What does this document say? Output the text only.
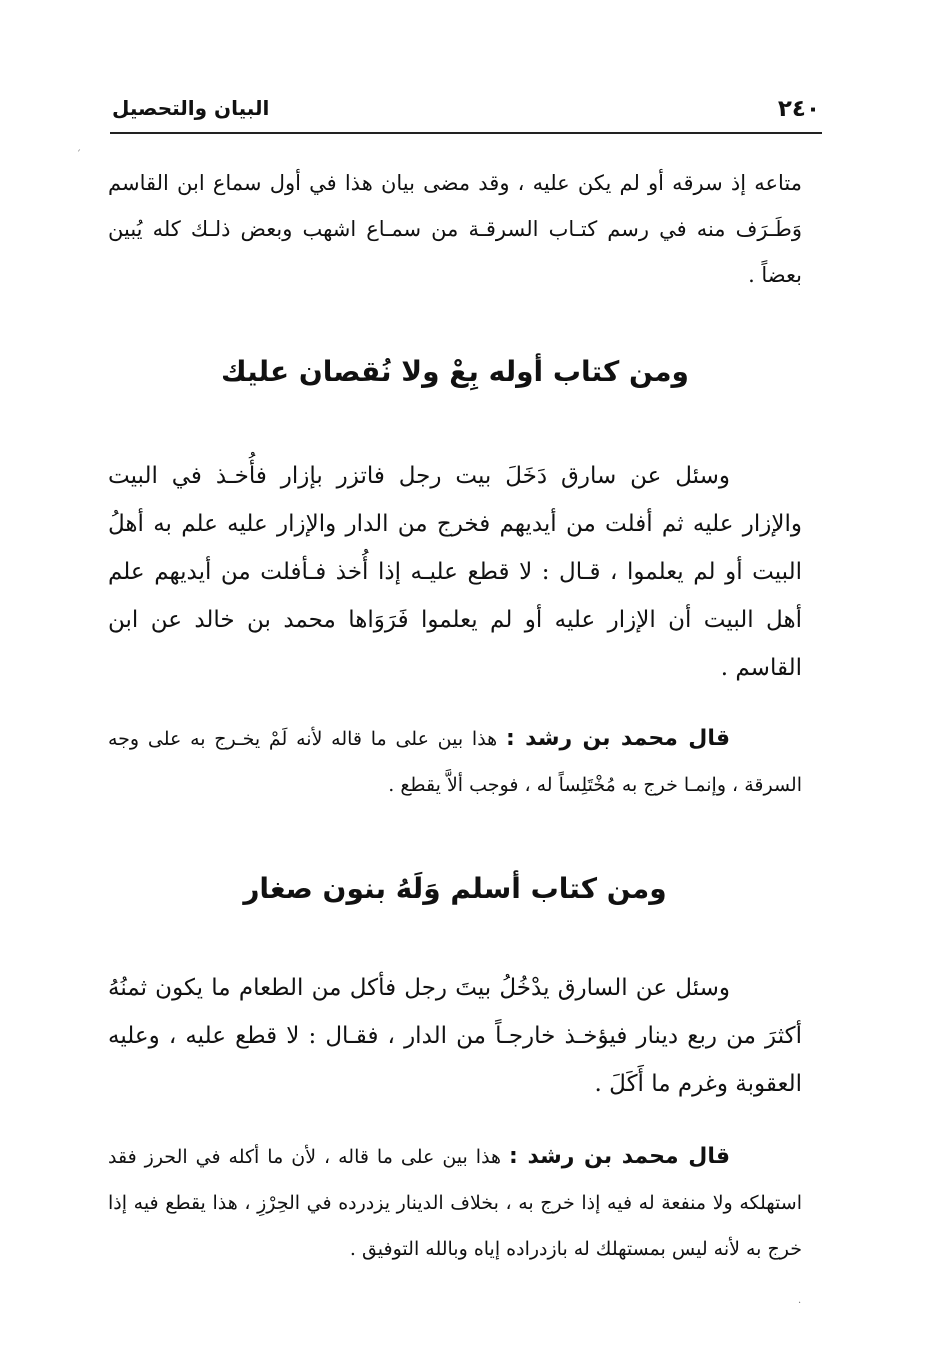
٢٤٠
البيان والتحصيل
´
·
متاعه إذ سرقه أو لم يكن عليه ، وقد مضى بيان هذا في أول سماع ابن القاسم وَطَـرَف منه في رسم كتـاب السرقـة من سمـاع اشهب وبعض ذلـك كله يُبين بعضاً .
ومن كتاب أوله بِعْ ولا نُقصان عليك
وسئل عن سارق دَخَلَ بيت رجل فاتزر بإزار فأُخـذ في البيت والإزار عليه ثم أفلت من أيديهم فخرج من الدار والإزار عليه علم به أهلُ البيت أو لم يعلموا ، قـال : لا قطع عليـه إذا أُخذ فـأفلت من أيديهم علم أهل البيت أن الإزار عليه أو لم يعلموا فَرَوَاها محمد بن خالد عن ابن القاسم .
قال محمد بن رشد : هذا بين على ما قاله لأنه لَمْ يخـرج به على وجه السرقة ، وإنمـا خرج به مُخْتَلِساً له ، فوجب ألاَّ يقطع .
ومن كتاب أسلم وَلَهُ بنون صغار
وسئل عن السارق يدْخُلُ بيتَ رجل فأكل من الطعام ما يكون ثمنُهُ أكثرَ من ربع دينار فيؤخـذ خارجـاً من الدار ، فقـال : لا قطع عليه ، وعليه العقوبة وغرم ما أَكَلَ .
قال محمد بن رشد : هذا بين على ما قاله ، لأن ما أكله في الحرز فقد استهلكه ولا منفعة له فيه إذا خرج به ، بخلاف الدينار يزدرده في الحِرْزِ ، هذا يقطع فيه إذا خرج به لأنه ليس بمستهلك له بازدراده إياه وبالله التوفيق .
